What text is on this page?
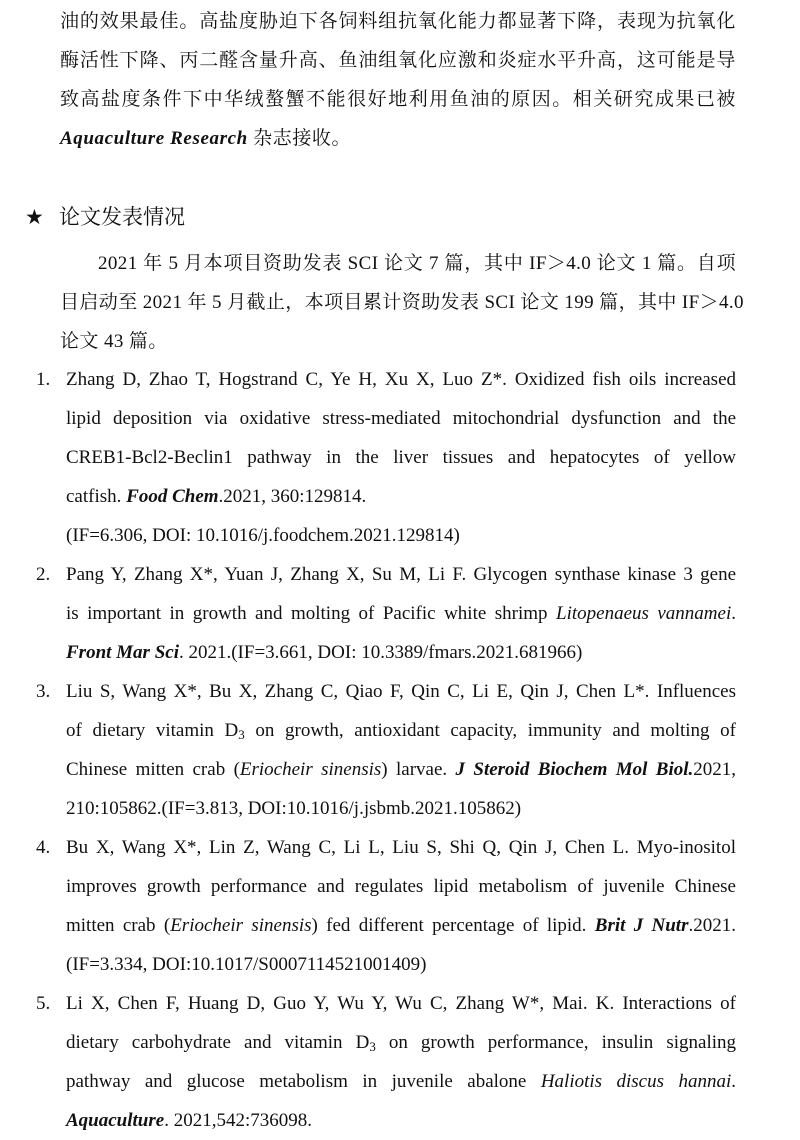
油的效果最佳。高盐度胁迫下各饲料组抗氧化能力都显著下降，表现为抗氧化
酶活性下降、丙二醛含量升高、鱼油组氧化应激和炎症水平升高，这可能是导
致高盐度条件下中华绒螯蟹不能很好地利用鱼油的原因。相关研究成果已被
Aquaculture Research 杂志接收。
★ 论文发表情况
2021 年 5 月本项目资助发表 SCI 论文 7 篇，其中 IF＞4.0 论文 1 篇。自项
目启动至 2021 年 5 月截止，本项目累计资助发表 SCI 论文 199 篇，其中 IF＞4.0
论文 43 篇。
1. Zhang D, Zhao T, Hogstrand C, Ye H, Xu X, Luo Z*. Oxidized fish oils increased
lipid deposition via oxidative stress-mediated mitochondrial dysfunction and the
CREB1-Bcl2-Beclin1 pathway in the liver tissues and hepatocytes of yellow
catfish. Food Chem.2021, 360:129814.
(IF=6.306, DOI: 10.1016/j.foodchem.2021.129814)
2. Pang Y, Zhang X*, Yuan J, Zhang X, Su M, Li F. Glycogen synthase kinase 3 gene
is important in growth and molting of Pacific white shrimp Litopenaeus vannamei.
Front Mar Sci. 2021.(IF=3.661, DOI: 10.3389/fmars.2021.681966)
3. Liu S, Wang X*, Bu X, Zhang C, Qiao F, Qin C, Li E, Qin J, Chen L*. Influences
of dietary vitamin $D_3$ on growth, antioxidant capacity, immunity and molting of
Chinese mitten crab (Eriocheir sinensis) larvae. J Steroid Biochem Mol Biol.2021,
210:105862.(IF=3.813, DOI:10.1016/j.jsbmb.2021.105862)
4. Bu X, Wang X*, Lin Z, Wang C, Li L, Liu S, Shi Q, Qin J, Chen L. Myo-inositol
improves growth performance and regulates lipid metabolism of juvenile Chinese
mitten crab (Eriocheir sinensis) fed different percentage of lipid. Brit J Nutr.2021.
(IF=3.334, DOI:10.1017/S0007114521001409)
5. Li X, Chen F, Huang D, Guo Y, Wu Y, Wu C, Zhang W*, Mai. K. Interactions of
dietary carbohydrate and vitamin $D_3$ on growth performance, insulin signaling
pathway and glucose metabolism in juvenile abalone Haliotis discus hannai.
Aquaculture. 2021,542:736098.
